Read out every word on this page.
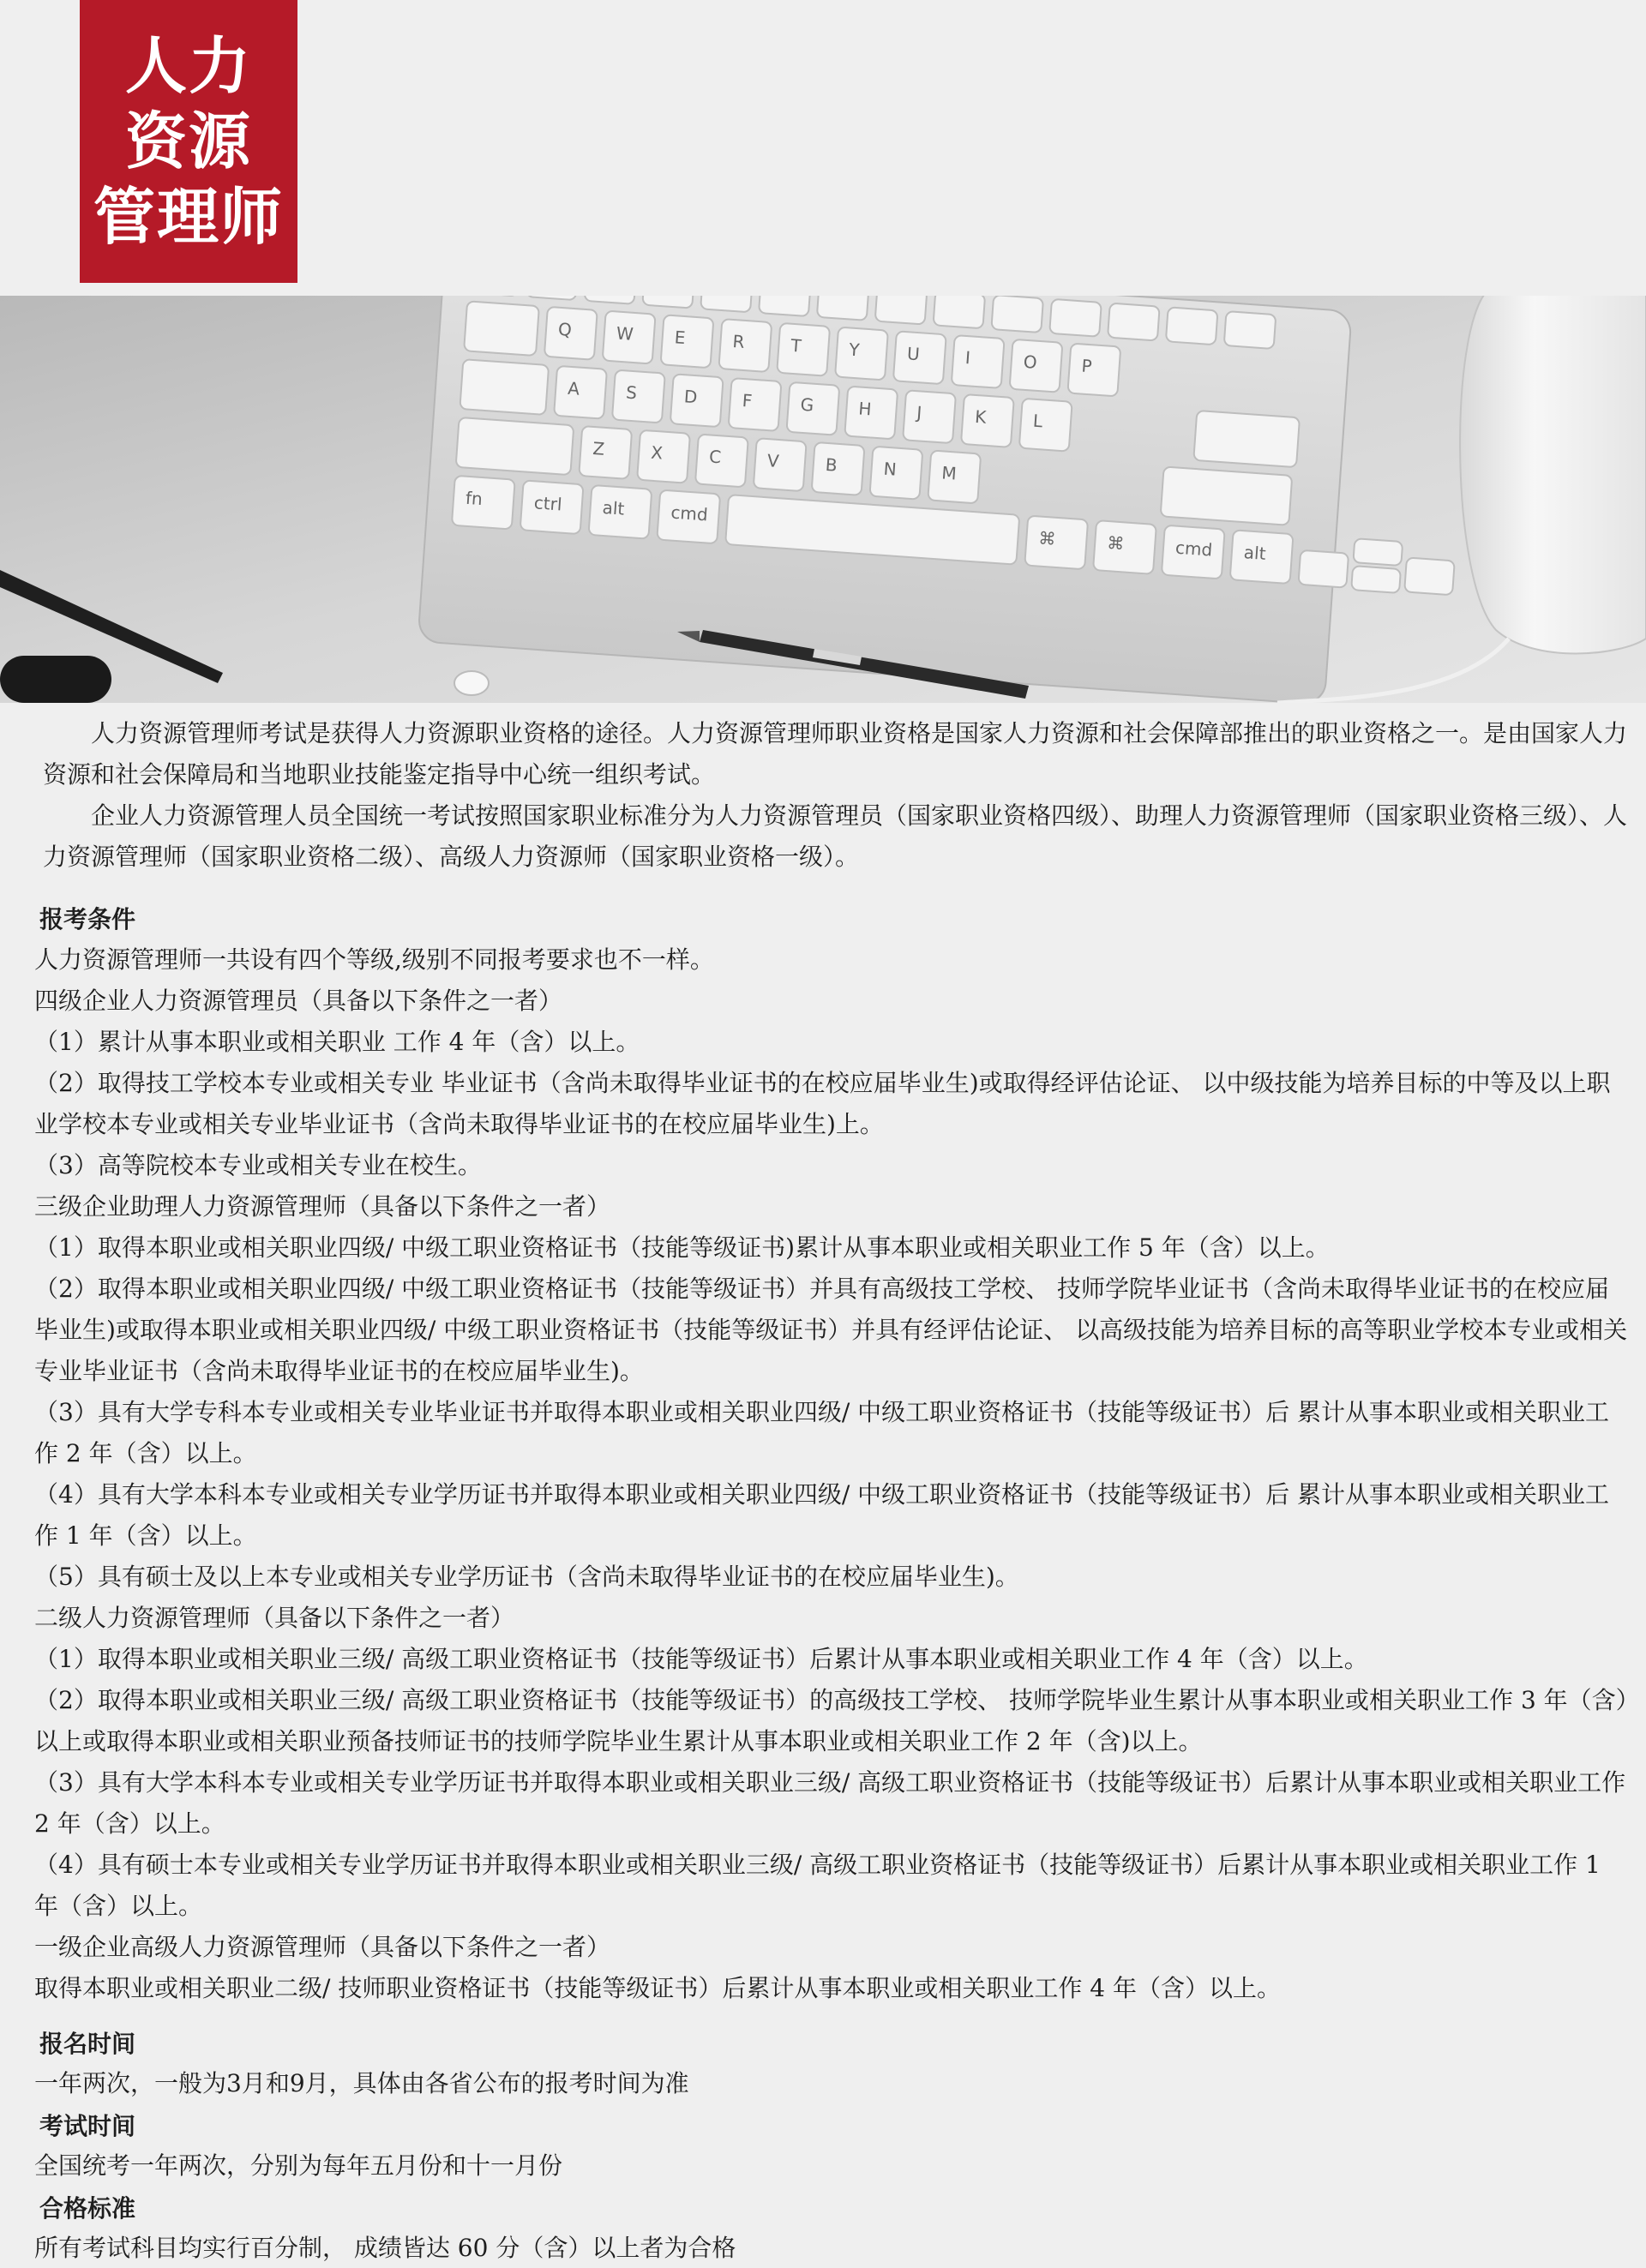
人力
资源
管理师
Q	W E	R	T	Y	U	I	O	P
A	S	D	F	G	H	J	K	L
Z	X	C	V	B	N	M
fn	ctrl alt	cmd
⌘	⌘	cmd alt

人力资源管理师考试是获得人力资源职业资格的途径。人力资源管理师职业资格是国家人力资源和社会保障部推出的职业资格之一。是由国家人力资源和社会保障局和当地职业技能鉴定指导中心统一组织考试。

企业人力资源管理人员全国统一考试按照国家职业标准分为人力资源管理员（国家职业资格四级）、助理人力资源管理师（国家职业资格三级）、人力资源管理师（国家职业资格二级）、高级人力资源师（国家职业资格一级）。

报考条件

人力资源管理师一共设有四个等级,级别不同报考要求也不一样。

四级企业人力资源管理员（具备以下条件之一者）

（1）累计从事本职业或相关职业 工作 4 年（含）以上。

（2）取得技工学校本专业或相关专业 毕业证书（含尚未取得毕业证书的在校应届毕业生)或取得经评估论证、 以中级技能为培养目标的中等及以上职业学校本专业或相关专业毕业证书（含尚未取得毕业证书的在校应届毕业生)上。

（3）高等院校本专业或相关专业在校生。

三级企业助理人力资源管理师（具备以下条件之一者）

（1）取得本职业或相关职业四级/ 中级工职业资格证书（技能等级证书)累计从事本职业或相关职业工作 5 年（含）以上。

（2）取得本职业或相关职业四级/ 中级工职业资格证书（技能等级证书）并具有高级技工学校、 技师学院毕业证书（含尚未取得毕业证书的在校应届毕业生)或取得本职业或相关职业四级/ 中级工职业资格证书（技能等级证书）并具有经评估论证、 以高级技能为培养目标的高等职业学校本专业或相关专业毕业证书（含尚未取得毕业证书的在校应届毕业生)。

（3）具有大学专科本专业或相关专业毕业证书并取得本职业或相关职业四级/ 中级工职业资格证书（技能等级证书）后 累计从事本职业或相关职业工作 2 年（含）以上。

（4）具有大学本科本专业或相关专业学历证书并取得本职业或相关职业四级/ 中级工职业资格证书（技能等级证书）后 累计从事本职业或相关职业工作 1 年（含）以上。

（5）具有硕士及以上本专业或相关专业学历证书（含尚未取得毕业证书的在校应届毕业生)。

二级人力资源管理师（具备以下条件之一者）

（1）取得本职业或相关职业三级/ 高级工职业资格证书（技能等级证书）后累计从事本职业或相关职业工作 4 年（含）以上。

（2）取得本职业或相关职业三级/ 高级工职业资格证书（技能等级证书）的高级技工学校、 技师学院毕业生累计从事本职业或相关职业工作 3 年（含）以上或取得本职业或相关职业预备技师证书的技师学院毕业生累计从事本职业或相关职业工作 2 年（含)以上。

（3）具有大学本科本专业或相关专业学历证书并取得本职业或相关职业三级/ 高级工职业资格证书（技能等级证书）后累计从事本职业或相关职业工作 2 年（含）以上。

（4）具有硕士本专业或相关专业学历证书并取得本职业或相关职业三级/ 高级工职业资格证书（技能等级证书）后累计从事本职业或相关职业工作 1 年（含）以上。

一级企业高级人力资源管理师（具备以下条件之一者）

取得本职业或相关职业二级/ 技师职业资格证书（技能等级证书）后累计从事本职业或相关职业工作 4 年（含）以上。

报名时间

一年两次，一般为3月和9月，具体由各省公布的报考时间为准

考试时间

全国统考一年两次，分别为每年五月份和十一月份

合格标准

所有考试科目均实行百分制， 成绩皆达 60 分（含）以上者为合格
